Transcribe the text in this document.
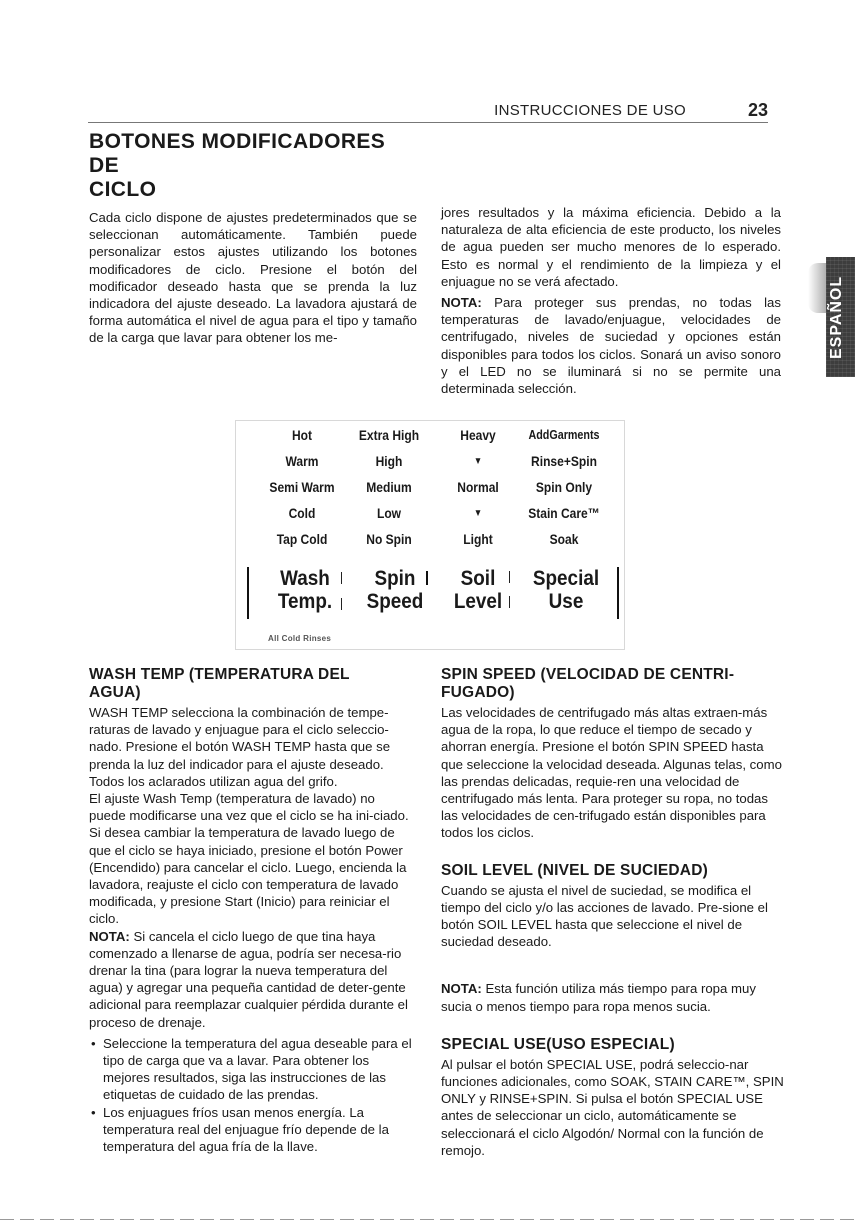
INSTRUCCIONES DE USO	23
ESPAÑOL
BOTONES MODIFICADORES DE
CICLO

Cada ciclo dispone de ajustes predeterminados que se seleccionan automáticamente. También puede personalizar estos ajustes utilizando los botones modificadores de ciclo. Presione el botón del modificador deseado hasta que se prenda la luz indicadora del ajuste deseado. La lavadora ajustará de forma automática el nivel de agua para el tipo y tamaño de la carga que lavar para obtener los me-

jores resultados y la máxima eficiencia. Debido a la naturaleza de alta eficiencia de este producto, los niveles de agua pueden ser mucho menores de lo esperado. Esto es normal y el rendimiento de la limpieza y el enjuague no se verá afectado.

NOTA: Para proteger sus prendas, no todas las temperaturas de lavado/enjuague, velocidades de centrifugado, niveles de suciedad y opciones están disponibles para todos los ciclos. Sonará un aviso sonoro y el LED no se iluminará si no se permite una determinada selección.

Hot
Warm
Semi Warm
Cold
Tap Cold
Extra High
High
Medium
Low
No Spin
Heavy
▼
Normal
▼
Light
AddGarments
Rinse+Spin
Spin Only
Stain Care™
Soak
Wash
Temp.
Spin
Speed
Soil
Level
Special
Use
All Cold Rinses
WASH TEMP (TEMPERATURA DEL
AGUA)

WASH TEMP selecciona la combinación de tempe-raturas de lavado y enjuague para el ciclo seleccio-nado. Presione el botón WASH TEMP hasta que se prenda la luz del indicador para el ajuste deseado. Todos los aclarados utilizan agua del grifo.

El ajuste Wash Temp (temperatura de lavado) no puede modificarse una vez que el ciclo se ha ini-ciado. Si desea cambiar la temperatura de lavado luego de que el ciclo se haya iniciado, presione el botón Power (Encendido) para cancelar el ciclo. Luego, encienda la lavadora, reajuste el ciclo con temperatura de lavado modificada, y presione Start (Inicio) para reiniciar el ciclo.

NOTA: Si cancela el ciclo luego de que tina haya comenzado a llenarse de agua, podría ser necesa-rio drenar la tina (para lograr la nueva temperatura del agua) y agregar una pequeña cantidad de deter-gente adicional para reemplazar cualquier pérdida durante el proceso de drenaje.

• Seleccione la temperatura del agua deseable para el tipo de carga que va a lavar. Para obtener los mejores resultados, siga las instrucciones de las etiquetas de cuidado de las prendas.
• Los enjuagues fríos usan menos energía. La temperatura real del enjuague frío depende de la temperatura del agua fría de la llave.
SPIN SPEED (VELOCIDAD DE CENTRI-
FUGADO)

Las velocidades de centrifugado más altas extraen-más agua de la ropa, lo que reduce el tiempo de secado y ahorran energía. Presione el botón SPIN SPEED hasta que seleccione la velocidad deseada. Algunas telas, como las prendas delicadas, requie-ren una velocidad de centrifugado más lenta. Para proteger su ropa, no todas las velocidades de cen-trifugado están disponibles para todos los ciclos.

SOIL LEVEL (NIVEL DE SUCIEDAD)

Cuando se ajusta el nivel de suciedad, se modifica el tiempo del ciclo y/o las acciones de lavado. Pre-sione el botón SOIL LEVEL hasta que seleccione el nivel de suciedad deseado.

NOTA: Esta función utiliza más tiempo para ropa muy sucia o menos tiempo para ropa menos sucia.

SPECIAL USE(USO ESPECIAL)

Al pulsar el botón SPECIAL USE, podrá seleccio-nar funciones adicionales, como SOAK, STAIN CARE™, SPIN ONLY y RINSE+SPIN. Si pulsa el botón SPECIAL USE antes de seleccionar un ciclo, automáticamente se seleccionará el ciclo Algodón/ Normal con la función de remojo.
